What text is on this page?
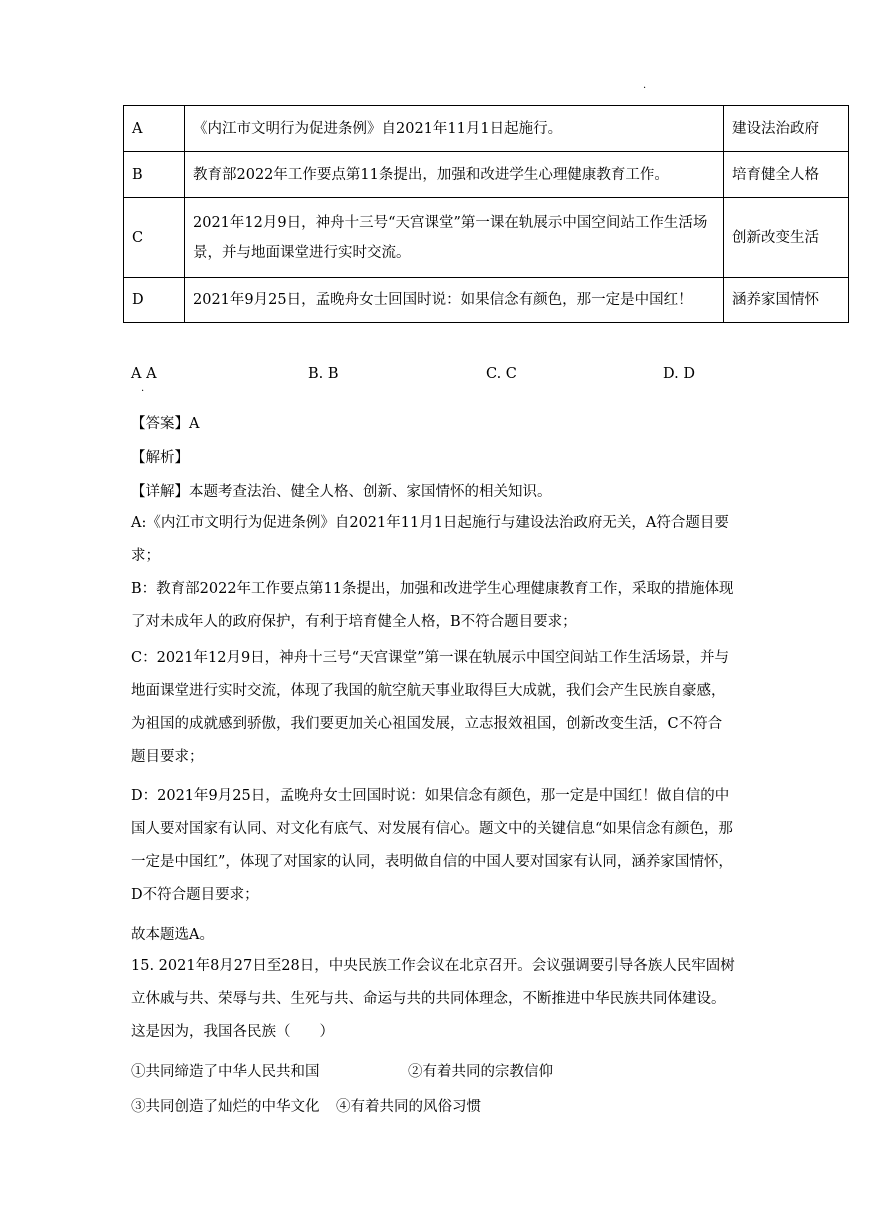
.
A	《内江市文明行为促进条例》自2021年11月1日起施行。	建设法治政府
B	教育部2022年工作要点第11条提出，加强和改进学生心理健康教育工作。	培育健全人格
C	2021年12月9日，神舟十三号“天宫课堂”第一课在轨展示中国空间站工作生活场景，并与地面课堂进行实时交流。	创新改变生活
D	2021年9月25日，孟晚舟女士回国时说：如果信念有颜色，那一定是中国红！	涵养家国情怀
A A	B. B	C. C	D. D
.
【答案】A
【解析】
【详解】本题考查法治、健全人格、创新、家国情怀的相关知识。
A:《内江市文明行为促进条例》自2021年11月1日起施行与建设法治政府无关，A符合题目要求；
B：教育部2022年工作要点第11条提出，加强和改进学生心理健康教育工作，采取的措施体现了对未成年人的政府保护，有利于培育健全人格，B不符合题目要求；
C：2021年12月9日，神舟十三号“天宫课堂”第一课在轨展示中国空间站工作生活场景，并与地面课堂进行实时交流，体现了我国的航空航天事业取得巨大成就，我们会产生民族自豪感，为祖国的成就感到骄傲，我们要更加关心祖国发展，立志报效祖国，创新改变生活，C不符合题目要求；
D：2021年9月25日，孟晚舟女士回国时说：如果信念有颜色，那一定是中国红！做自信的中国人要对国家有认同、对文化有底气、对发展有信心。题文中的关键信息“如果信念有颜色，那一定是中国红”，体现了对国家的认同，表明做自信的中国人要对国家有认同，涵养家国情怀，D不符合题目要求；
故本题选A。
15. 2021年8月27日至28日，中央民族工作会议在北京召开。会议强调要引导各族人民牢固树立休戚与共、荣辱与共、生死与共、命运与共的共同体理念，不断推进中华民族共同体建设。这是因为，我国各民族（　　）
①共同缔造了中华人民共和国	②有着共同的宗教信仰
③共同创造了灿烂的中华文化 ④有着共同的风俗习惯
